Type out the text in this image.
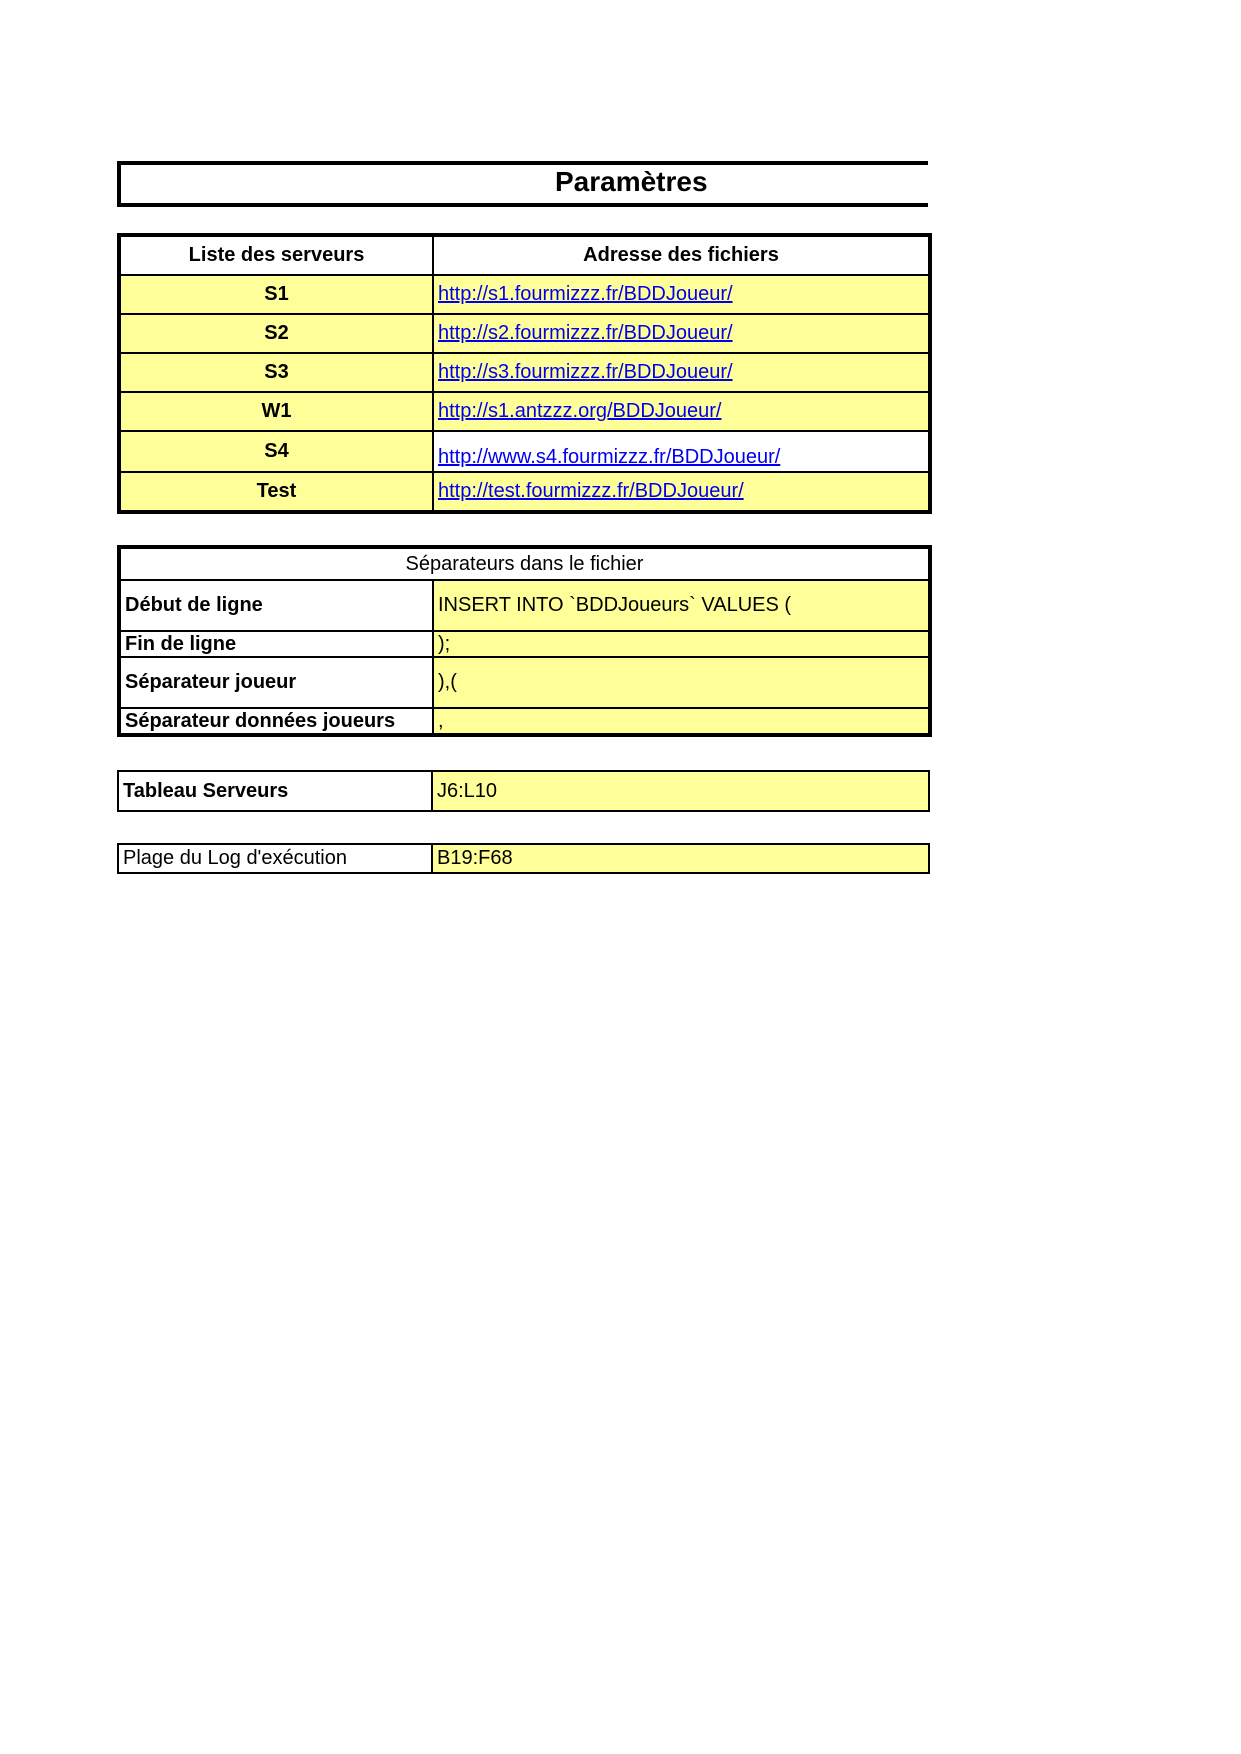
Paramètres
Liste des serveurs	Adresse des fichiers
S1	http://s1.fourmizzz.fr/BDDJoueur/
S2	http://s2.fourmizzz.fr/BDDJoueur/
S3	http://s3.fourmizzz.fr/BDDJoueur/
W1	http://s1.antzzz.org/BDDJoueur/
S4	http://www.s4.fourmizzz.fr/BDDJoueur/
Test	http://test.fourmizzz.fr/BDDJoueur/
Séparateurs dans le fichier	
Début de ligne	INSERT INTO `BDDJoueurs` VALUES (
Fin de ligne	);
Séparateur joueur	),(
Séparateur données joueurs	,
Tableau Serveurs	J6:L10
Plage du Log d'exécution	B19:F68
